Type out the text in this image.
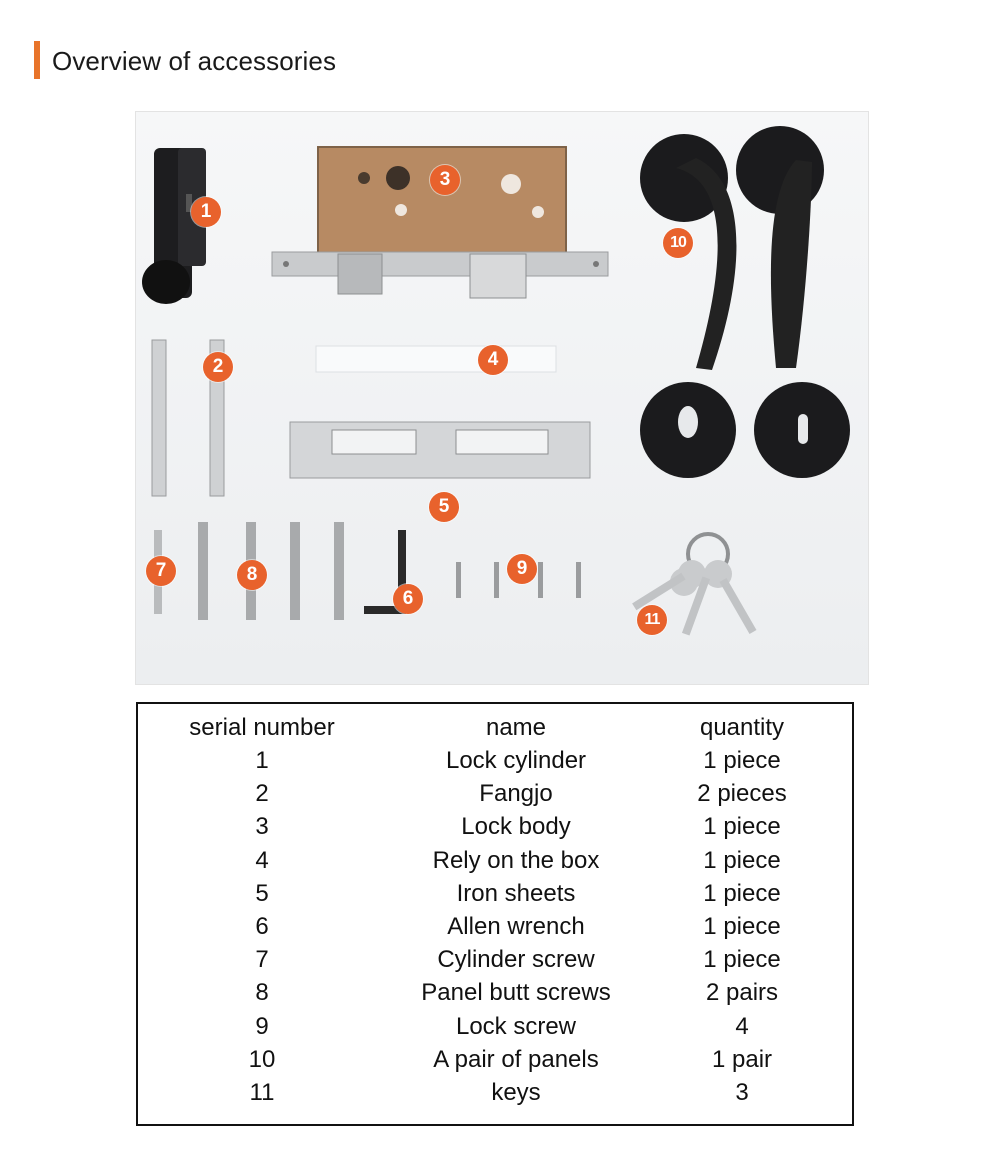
Overview of accessories
1
2
3
4
5
6
7	8	9
10
11
serial number	name	quantity
1	Lock cylinder	1 piece
2	Fangjo	2 pieces
3	Lock body	1 piece
4	Rely on the box	1 piece
5	Iron sheets	1 piece
6	Allen wrench	1 piece
7	Cylinder screw	1 piece
8	Panel butt screws	2 pairs
9	Lock screw	4
10	A pair of panels	1 pair
11	keys	3
